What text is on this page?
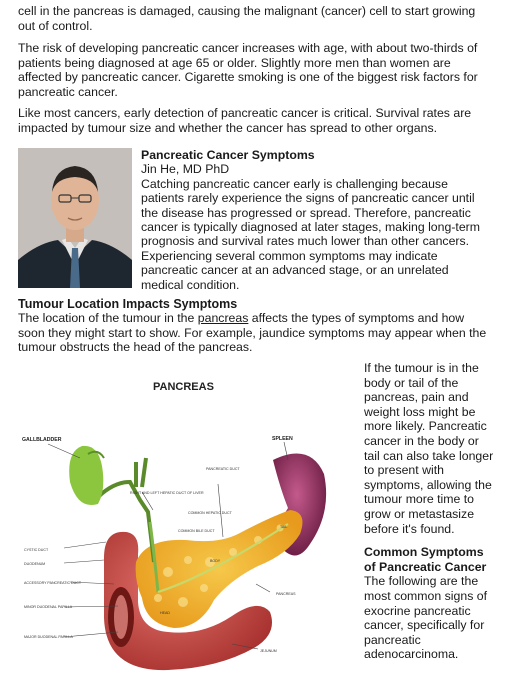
cell in the pancreas is damaged, causing the malignant (cancer) cell to start growing out of control.

The risk of developing pancreatic cancer increases with age, with about two-thirds of patients being diagnosed at age 65 or older. Slightly more men than women are affected by pancreatic cancer. Cigarette smoking is one of the biggest risk factors for pancreatic cancer.

Like most cancers, early detection of pancreatic cancer is critical. Survival rates are impacted by tumour size and whether the cancer has spread to other organs.

Pancreatic Cancer Symptoms
Jin He, MD PhD
Catching pancreatic cancer early is challenging because patients rarely experience the signs of pancreatic cancer until the disease has progressed or spread. Therefore, pancreatic cancer is typically diagnosed at later stages, making long-term prognosis and survival rates much lower than other cancers. Experiencing several common symptoms may indicate pancreatic cancer at an advanced stage, or an unrelated medical condition.
Tumour Location Impacts Symptoms

The location of the tumour in the pancreas affects the types of symptoms and how soon they might start to show. For example, jaundice symptoms may appear when the tumour obstructs the head of the pancreas.

PANCREAS
GALLBLADDER	SPLEEN
PANCREATIC DUCT
RIGHT AND LEFT HEPATIC DUCT OF LIVER
COMMON HEPATIC DUCT
COMMON BILE DUCT
TAIL
BODY
CYSTIC DUCT
DUODENUM
ACCESSORY PANCREATIC DUCT
MINOR DUODENAL PAPILLA
MAJOR DUODENAL PAPILLA
HEAD
PANCREAS
JEJUNUM
If the tumour is in the body or tail of the pancreas, pain and weight loss might be more likely. Pancreatic cancer in the body or tail can also take longer to present with symptoms, allowing the tumour more time to grow or metastasize before it's found.
Common Symptoms of Pancreatic Cancer
The following are the most common signs of exocrine pancreatic cancer, specifically for pancreatic adenocarcinoma.
